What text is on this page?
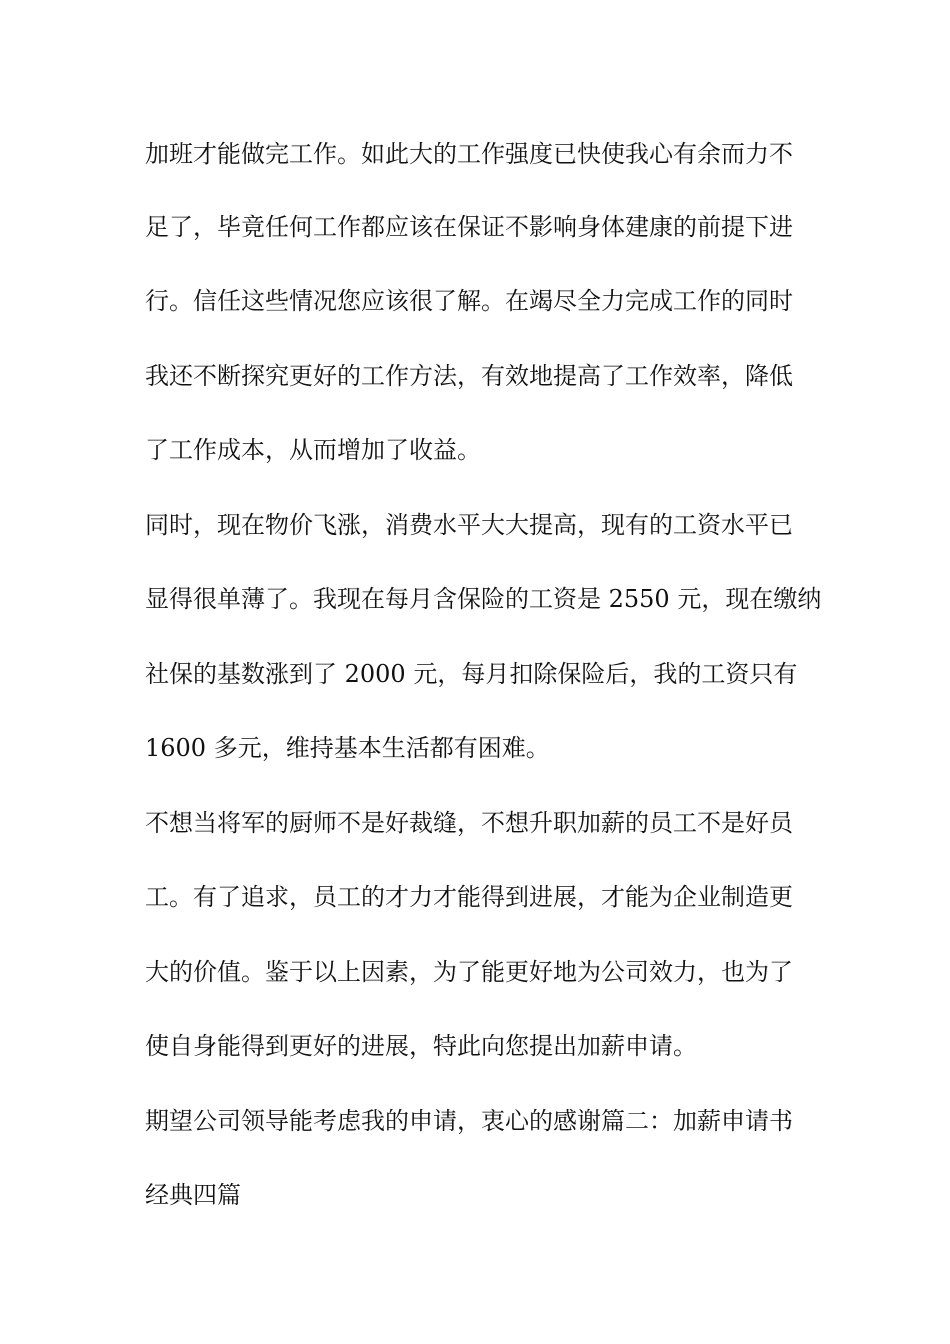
加班才能做完工作。如此大的工作强度已快使我心有余而力不
足了，毕竟任何工作都应该在保证不影响身体建康的前提下进
行。信任这些情况您应该很了解。在竭尽全力完成工作的同时
我还不断探究更好的工作方法，有效地提高了工作效率，降低
了工作成本，从而增加了收益。
同时，现在物价飞涨，消费水平大大提高，现有的工资水平已
显得很单薄了。我现在每月含保险的工资是 2550 元，现在缴纳
社保的基数涨到了 2000 元，每月扣除保险后，我的工资只有
1600 多元，维持基本生活都有困难。
不想当将军的厨师不是好裁缝，不想升职加薪的员工不是好员
工。有了追求，员工的才力才能得到进展，才能为企业制造更
大的价值。鉴于以上因素，为了能更好地为公司效力，也为了
使自身能得到更好的进展，特此向您提出加薪申请。
期望公司领导能考虑我的申请，衷心的感谢篇二：加薪申请书
经典四篇
